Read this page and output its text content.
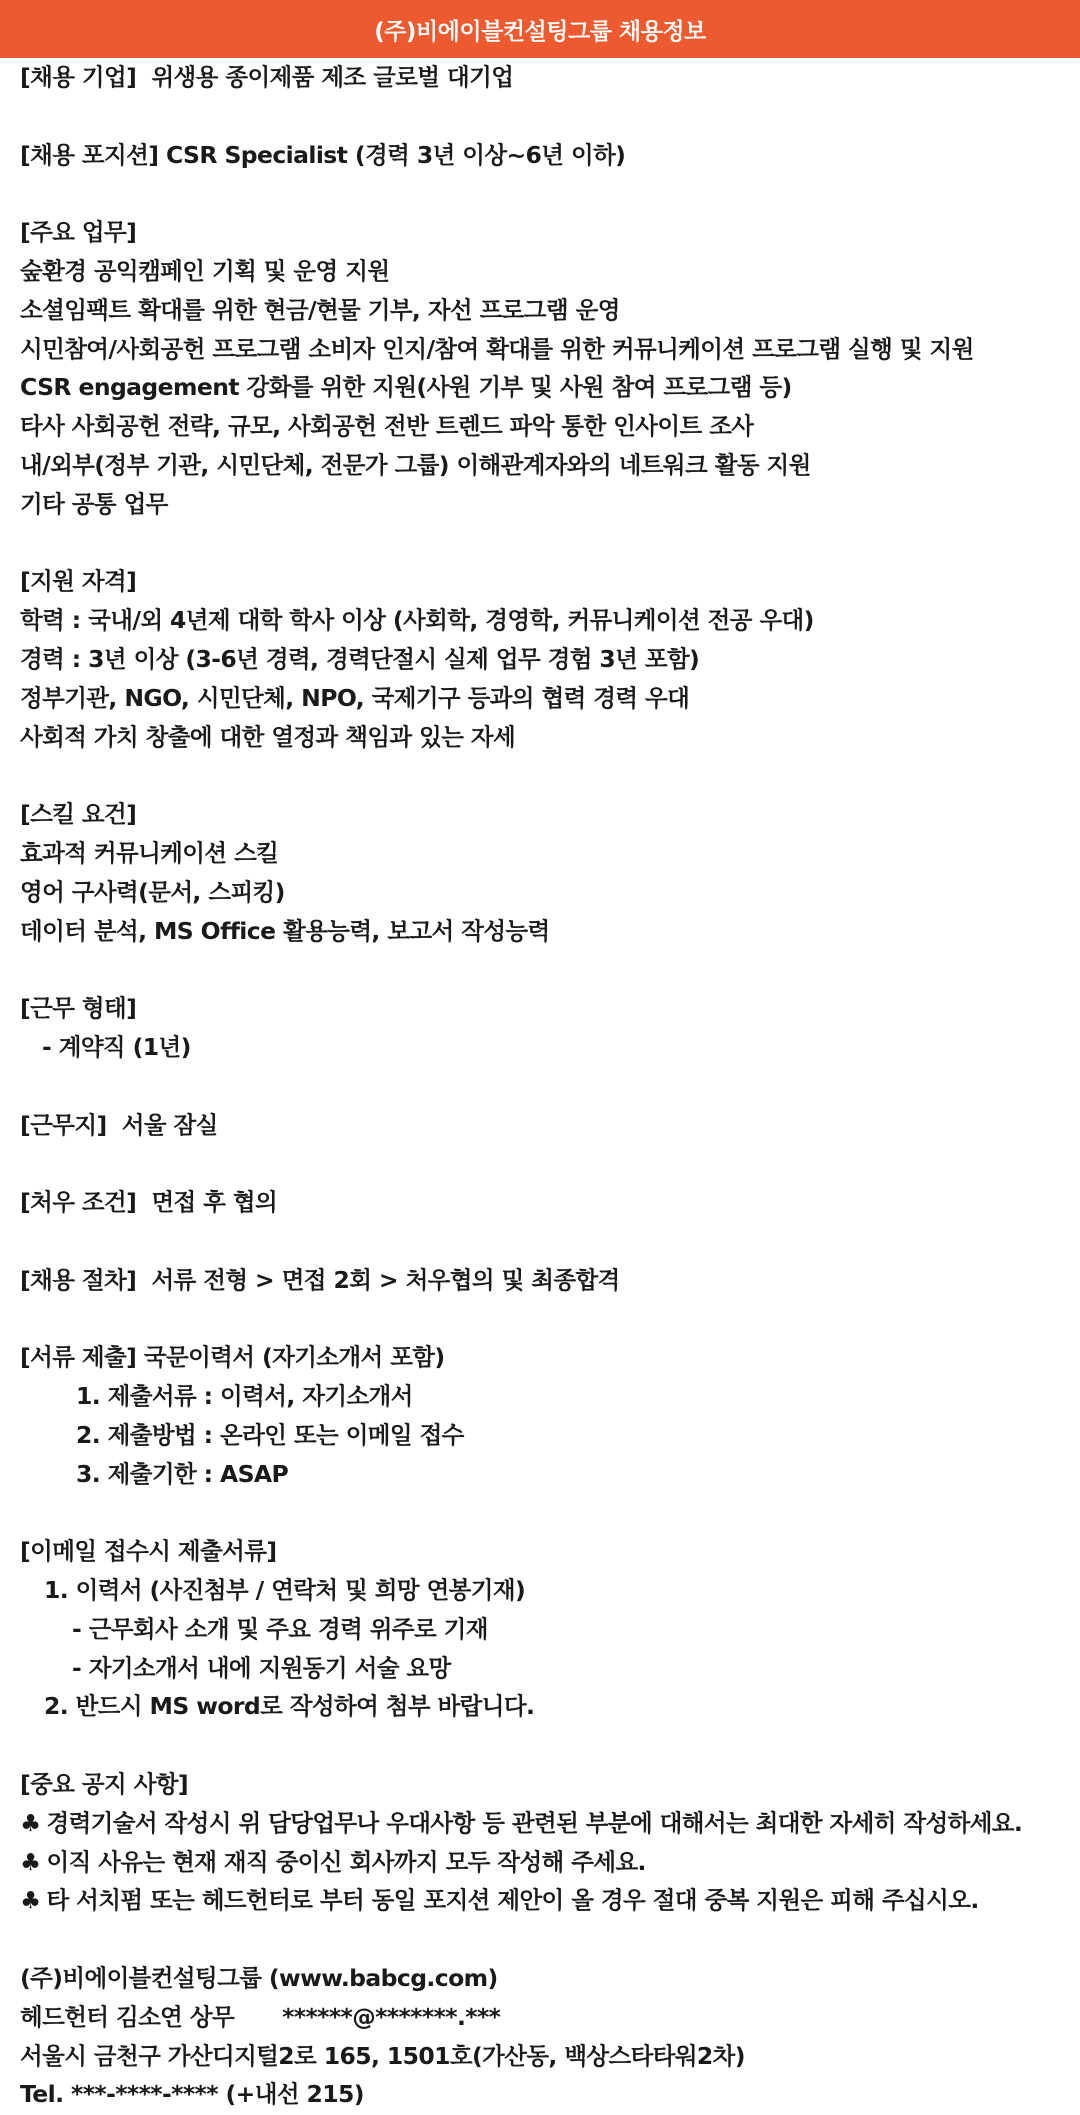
(주)비에이블컨설팅그룹 채용정보
[채용 기업] 위생용 종이제품 제조 글로벌 대기업
[채용 포지션] CSR Specialist (경력 3년 이상~6년 이하)
[주요 업무]
숲환경 공익캠페인 기획 및 운영 지원
소셜임팩트 확대를 위한 현금/현물 기부, 자선 프로그램 운영
시민참여/사회공헌 프로그램 소비자 인지/참여 확대를 위한 커뮤니케이션 프로그램 실행 및 지원
CSR engagement 강화를 위한 지원(사원 기부 및 사원 참여 프로그램 등)
타사 사회공헌 전략, 규모, 사회공헌 전반 트렌드 파악 통한 인사이트 조사
내/외부(정부 기관, 시민단체, 전문가 그룹) 이해관계자와의 네트워크 활동 지원
기타 공통 업무
[지원 자격]
학력 : 국내/외 4년제 대학 학사 이상 (사회학, 경영학, 커뮤니케이션 전공 우대)
경력 : 3년 이상 (3-6년 경력, 경력단절시 실제 업무 경험 3년 포함)
정부기관, NGO, 시민단체, NPO, 국제기구 등과의 협력 경력 우대
사회적 가치 창출에 대한 열정과 책임과 있는 자세
[스킬 요건]
효과적 커뮤니케이션 스킬
영어 구사력(문서, 스피킹)
데이터 분석, MS Office 활용능력, 보고서 작성능력
[근무 형태]
- 계약직 (1년)
[근무지] 서울 잠실
[처우 조건] 면접 후 협의
[채용 절차] 서류 전형 > 면접 2회 > 처우협의 및 최종합격
[서류 제출] 국문이력서 (자기소개서 포함)
1. 제출서류 : 이력서, 자기소개서
2. 제출방법 : 온라인 또는 이메일 접수
3. 제출기한 : ASAP
[이메일 접수시 제출서류]
1. 이력서 (사진첨부 / 연락처 및 희망 연봉기재)
- 근무회사 소개 및 주요 경력 위주로 기재
- 자기소개서 내에 지원동기 서술 요망
2. 반드시 MS word로 작성하여 첨부 바랍니다.
[중요 공지 사항]
♣ 경력기술서 작성시 위 담당업무나 우대사항 등 관련된 부분에 대해서는 최대한 자세히 작성하세요.
♣ 이직 사유는 현재 재직 중이신 회사까지 모두 작성해 주세요.
♣ 타 서치펌 또는 헤드헌터로 부터 동일 포지션 제안이 올 경우 절대 중복 지원은 피해 주십시오.
(주)비에이블컨설팅그룹 (www.babcg.com)
헤드헌터 김소연 상무 ******@*******.***
서울시 금천구 가산디지털2로 165, 1501호(가산동, 백상스타타워2차)
Tel. ***-****-**** (+내선 215)
